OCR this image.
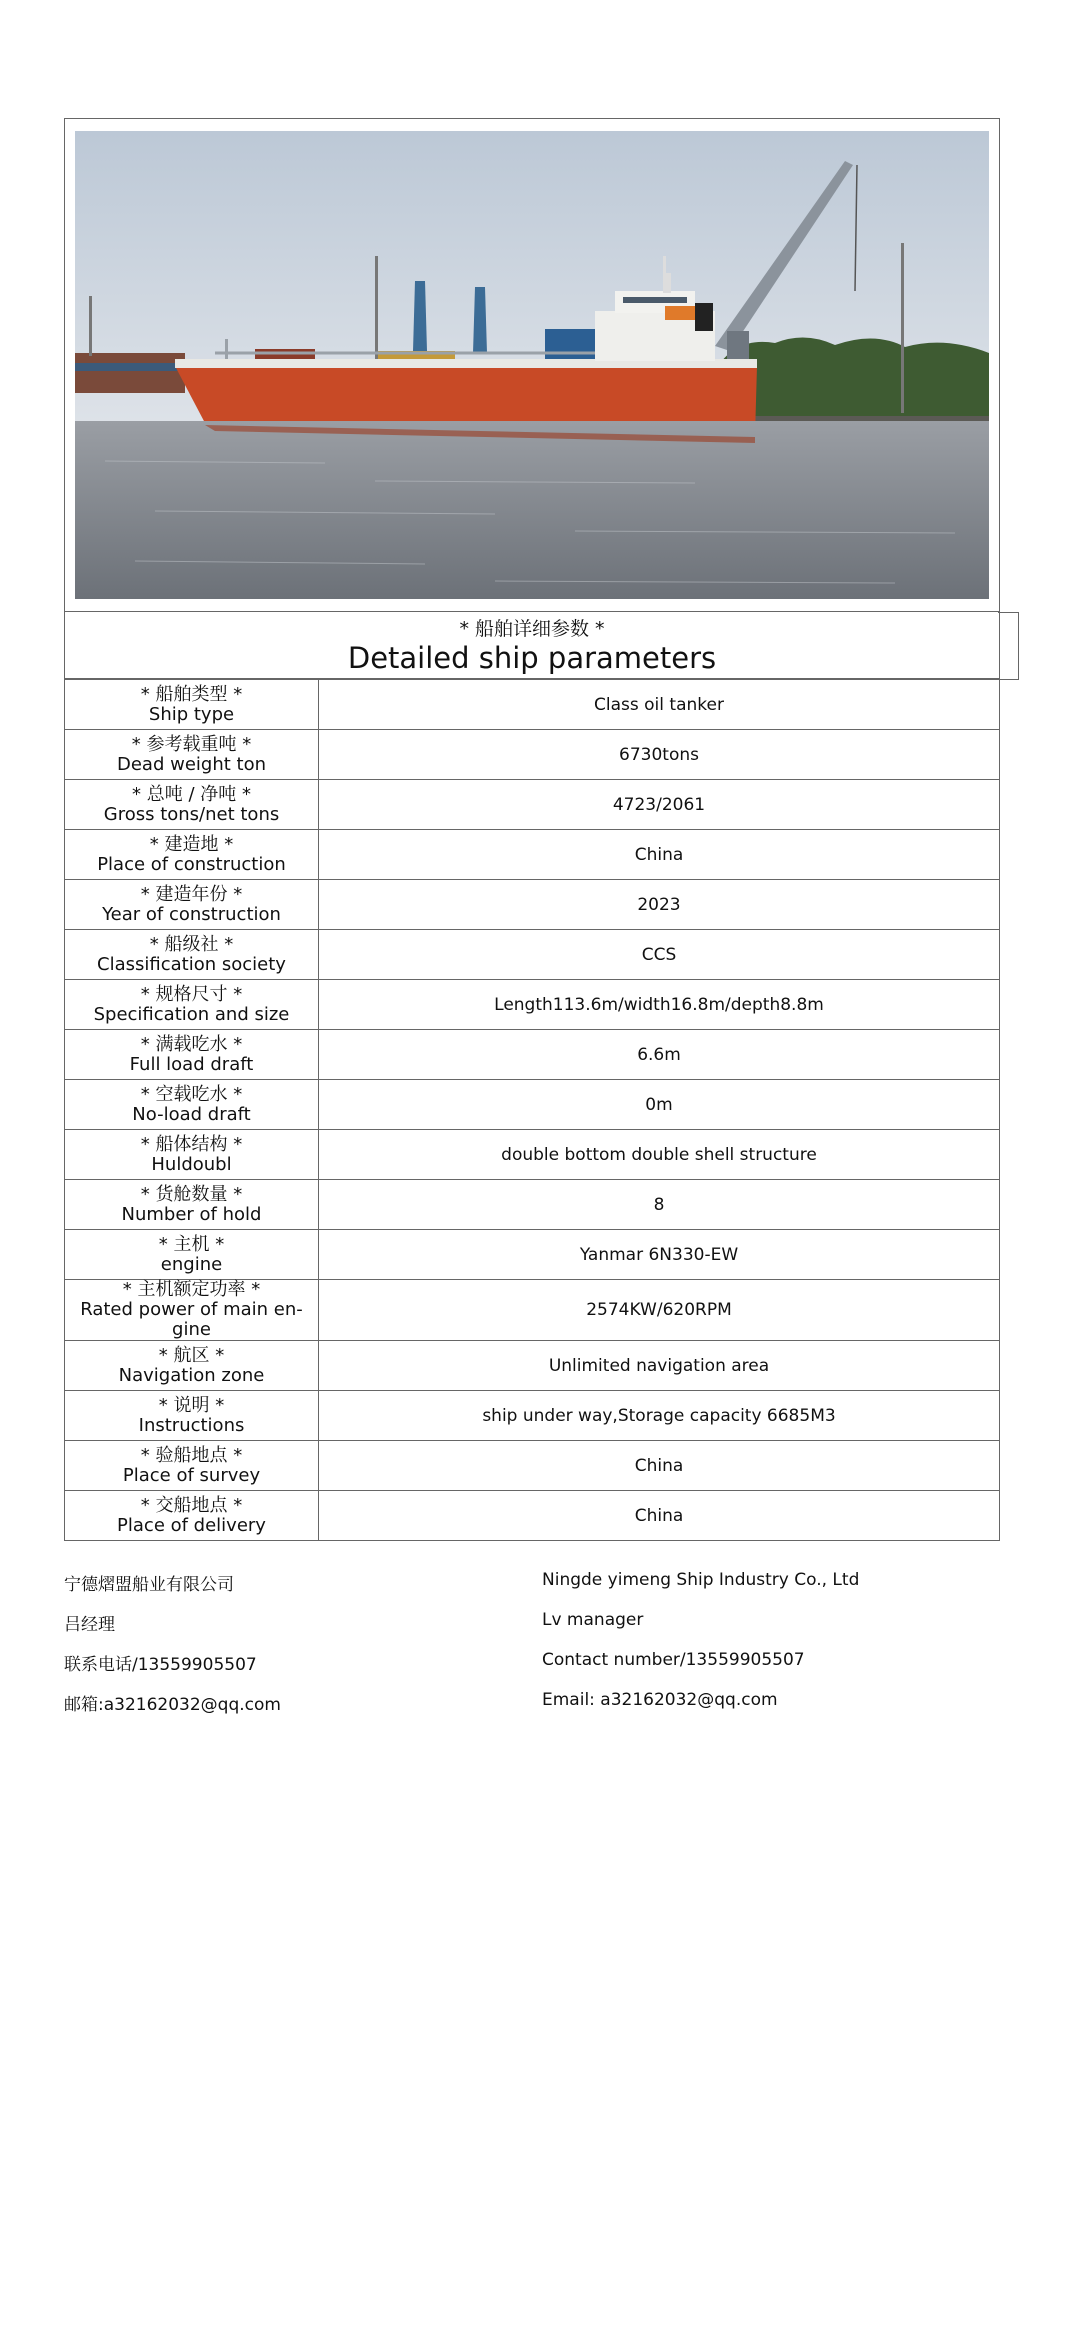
* 船舶详细参数 *
Detailed ship parameters
* 船舶类型 *
Ship type	Class oil tanker

* 参考载重吨 *
Dead weight ton	6730tons

* 总吨 / 净吨 *
Gross tons/net tons	4723/2061

* 建造地 *
Place of construction	China

* 建造年份 *
Year of construction	2023

* 船级社 *
Classification society	CCS

* 规格尺寸 *
Specification and size	Length113.6m/width16.8m/depth8.8m

* 满载吃水 *
Full load draft	6.6m

* 空载吃水 *
No-load draft	0m

* 船体结构 *
Huldoubl	double bottom double shell structure

* 货舱数量 *
Number of hold	8

* 主机 *
engine	Yanmar 6N330-EW

* 主机额定功率 *
Rated power of main en-gine	2574KW/620RPM

* 航区 *
Navigation zone	Unlimited navigation area

* 说明 *
Instructions	ship under way,Storage capacity 6685M3

* 验船地点 *
Place of survey	China

* 交船地点 *
Place of delivery	China
宁德熠盟船业有限公司	Ningde yimeng Ship Industry Co., Ltd
吕经理	Lv manager
联系电话/13559905507	Contact number/13559905507
邮箱:a32162032@qq.com	Email: a32162032@qq.com
